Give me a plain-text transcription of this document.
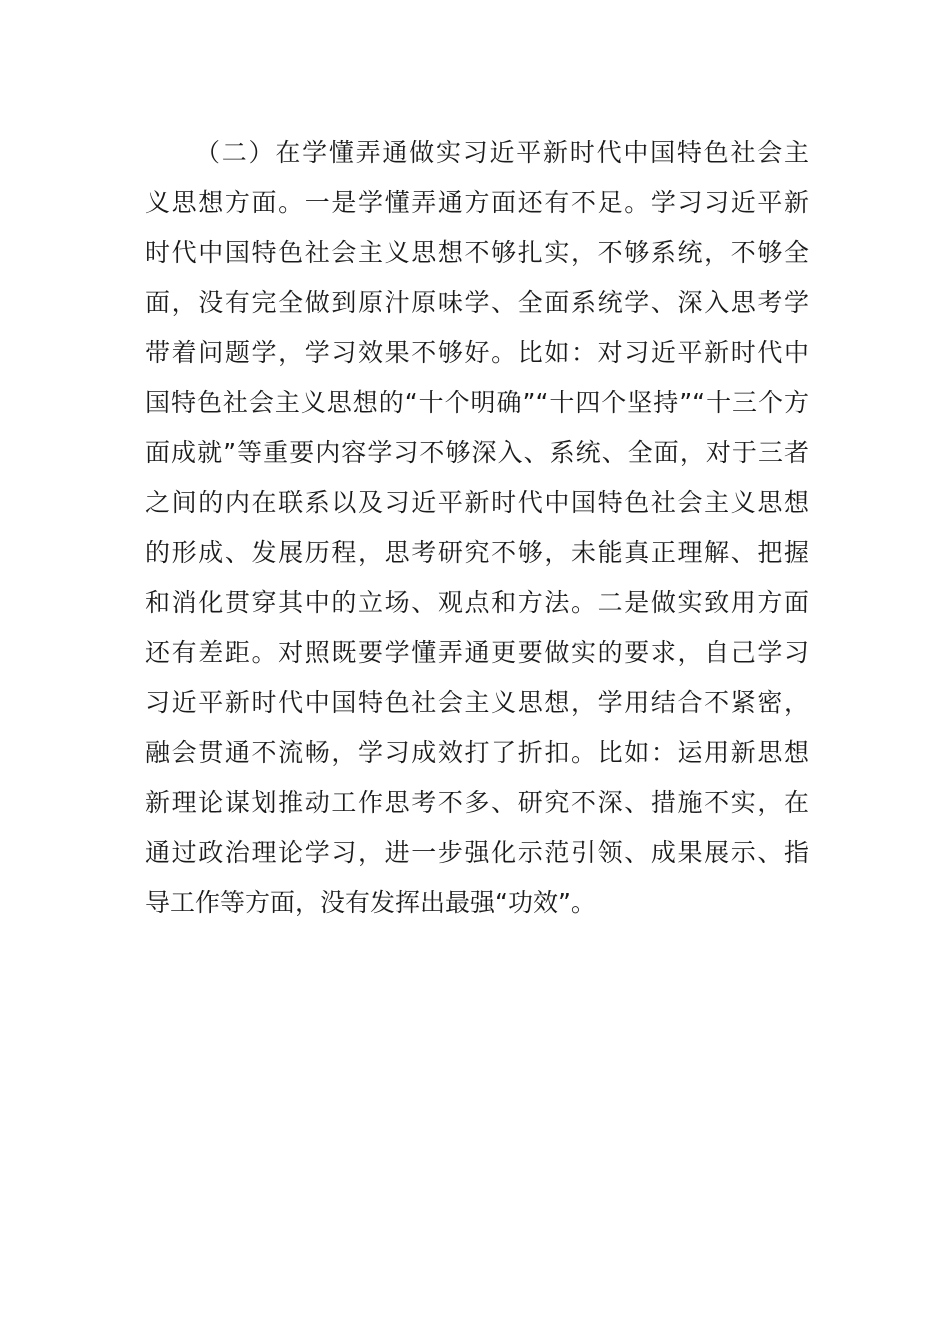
（二）在学懂弄通做实习近平新时代中国特色社会主
义思想方面。一是学懂弄通方面还有不足。学习习近平新
时代中国特色社会主义思想不够扎实，不够系统，不够全
面，没有完全做到原汁原味学、全面系统学、深入思考学
带着问题学，学习效果不够好。比如：对习近平新时代中
国特色社会主义思想的“十个明确”“十四个坚持”“十三个方
面成就”等重要内容学习不够深入、系统、全面，对于三者
之间的内在联系以及习近平新时代中国特色社会主义思想
的形成、发展历程，思考研究不够，未能真正理解、把握
和消化贯穿其中的立场、观点和方法。二是做实致用方面
还有差距。对照既要学懂弄通更要做实的要求，自己学习
习近平新时代中国特色社会主义思想，学用结合不紧密，
融会贯通不流畅，学习成效打了折扣。比如：运用新思想
新理论谋划推动工作思考不多、研究不深、措施不实，在
通过政治理论学习，进一步强化示范引领、成果展示、指
导工作等方面，没有发挥出最强“功效”。
